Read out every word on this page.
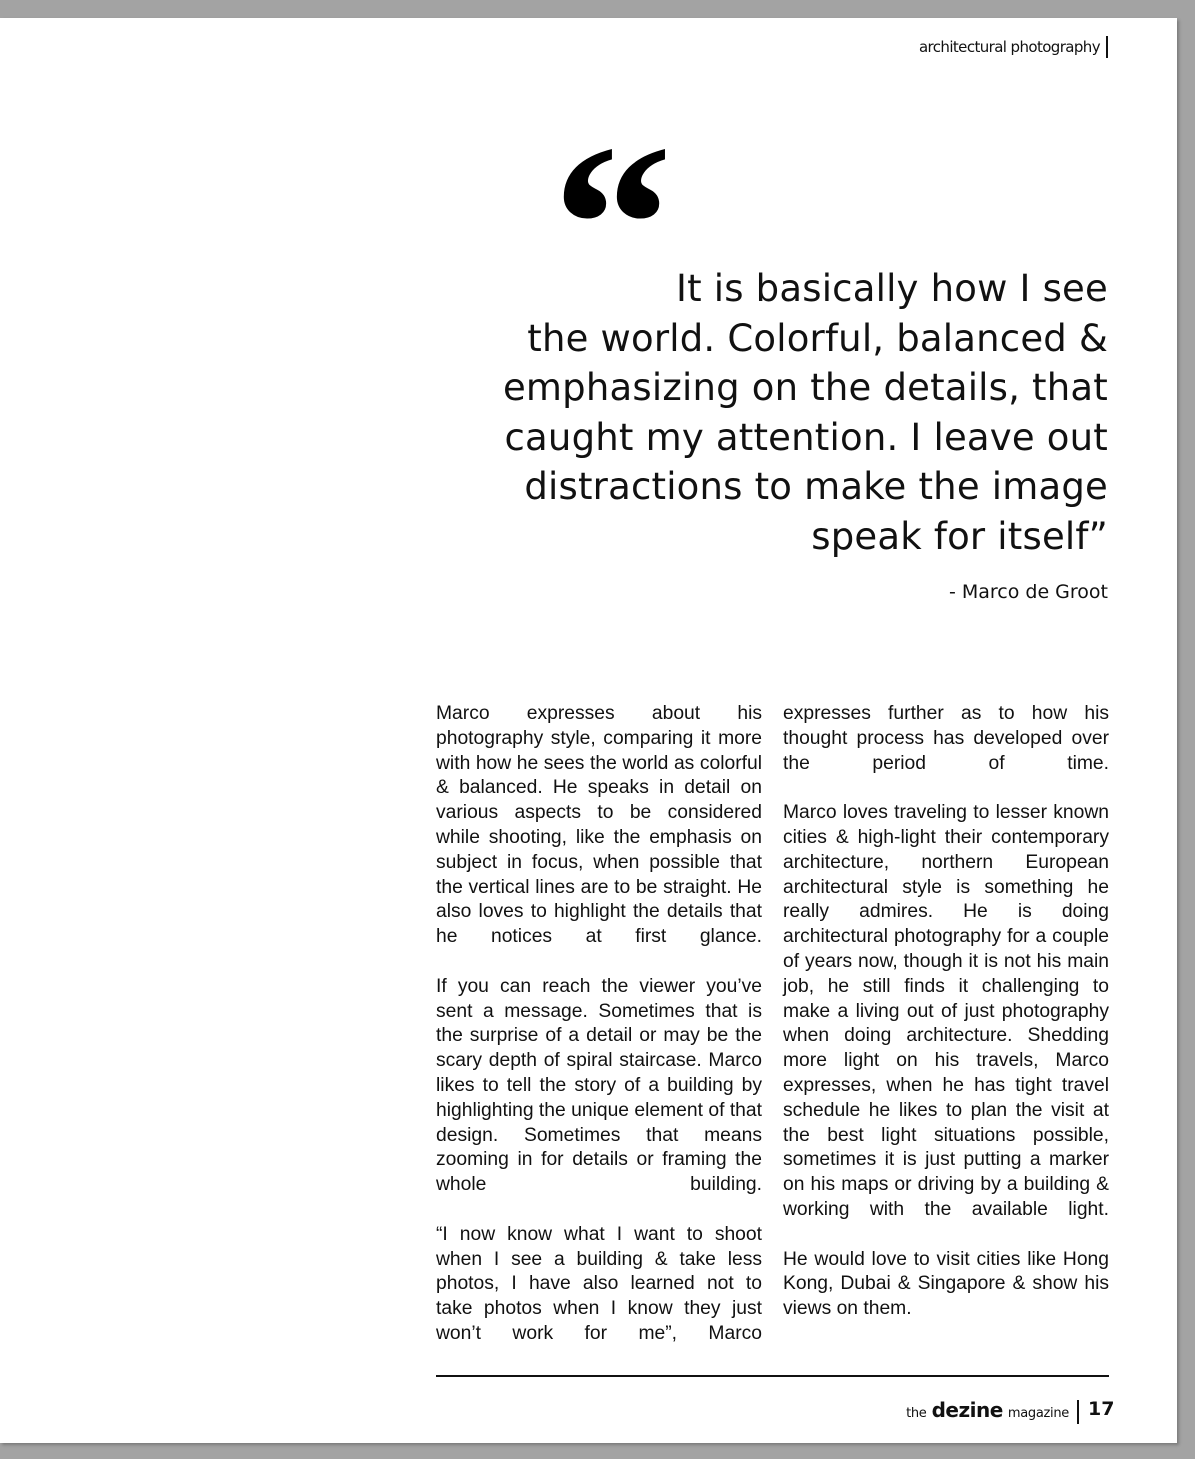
architectural photography
“ It is basically how I see
the world. Colorful, balanced &
emphasizing on the details, that
caught my attention. I leave out
distractions to make the image
speak for itself”
- Marco de Groot

Marco expresses about his photography style, comparing it more with how he sees the world as colorful & balanced. He speaks in detail on various aspects to be considered while shooting, like the emphasis on subject in focus, when possible that the vertical lines are to be straight. He also loves to highlight the details that he notices at first glance.

If you can reach the viewer you’ve sent a message. Sometimes that is the surprise of a detail or may be the scary depth of spiral staircase. Marco likes to tell the story of a building by highlighting the unique element of that design. Sometimes that means zooming in for details or framing the whole building.

“I now know what I want to shoot when I see a building & take less photos, I have also learned not to take photos when I know they just won’t work for me”, Marco

expresses further as to how his thought process has developed over the period of time.

Marco loves traveling to lesser known cities & high-light their contemporary architecture, northern European architectural style is something he really admires. He is doing architectural photography for a couple of years now, though it is not his main job, he still finds it challenging to make a living out of just photography when doing architecture. Shedding more light on his travels, Marco expresses, when he has tight travel schedule he likes to plan the visit at the best light situations possible, sometimes it is just putting a marker on his maps or driving by a building & working with the available light.

He would love to visit cities like Hong Kong, Dubai & Singapore & show his views on them.

the dezine magazine 17
